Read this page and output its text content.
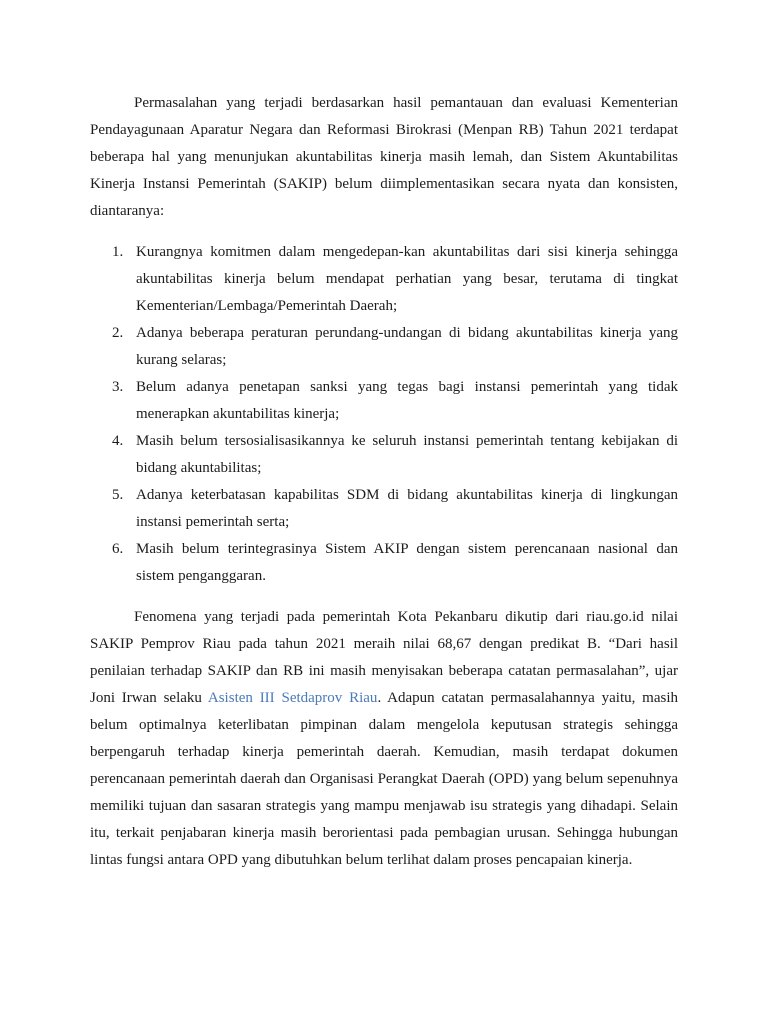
Permasalahan yang terjadi berdasarkan hasil pemantauan dan evaluasi Kementerian Pendayagunaan Aparatur Negara dan Reformasi Birokrasi (Menpan RB) Tahun 2021 terdapat beberapa hal yang menunjukan akuntabilitas kinerja masih lemah, dan Sistem Akuntabilitas Kinerja Instansi Pemerintah (SAKIP) belum diimplementasikan secara nyata dan konsisten, diantaranya:

1. Kurangnya komitmen dalam mengedepan-kan akuntabilitas dari sisi kinerja sehingga akuntabilitas kinerja belum mendapat perhatian yang besar, terutama di tingkat Kementerian/Lembaga/Pemerintah Daerah;
2. Adanya beberapa peraturan perundang-undangan di bidang akuntabilitas kinerja yang kurang selaras;
3. Belum adanya penetapan sanksi yang tegas bagi instansi pemerintah yang tidak menerapkan akuntabilitas kinerja;
4. Masih belum tersosialisasikannya ke seluruh instansi pemerintah tentang kebijakan di bidang akuntabilitas;
5. Adanya keterbatasan kapabilitas SDM di bidang akuntabilitas kinerja di lingkungan instansi pemerintah serta;
6. Masih belum terintegrasinya Sistem AKIP dengan sistem perencanaan nasional dan sistem penganggaran.

Fenomena yang terjadi pada pemerintah Kota Pekanbaru dikutip dari riau.go.id nilai SAKIP Pemprov Riau pada tahun 2021 meraih nilai 68,67 dengan predikat B. “Dari hasil penilaian terhadap SAKIP dan RB ini masih menyisakan beberapa catatan permasalahan”, ujar Joni Irwan selaku Asisten III Setdaprov Riau. Adapun catatan permasalahannya yaitu, masih belum optimalnya keterlibatan pimpinan dalam mengelola keputusan strategis sehingga berpengaruh terhadap kinerja pemerintah daerah. Kemudian, masih terdapat dokumen perencanaan pemerintah daerah dan Organisasi Perangkat Daerah (OPD) yang belum sepenuhnya memiliki tujuan dan sasaran strategis yang mampu menjawab isu strategis yang dihadapi. Selain itu, terkait penjabaran kinerja masih berorientasi pada pembagian urusan. Sehingga hubungan lintas fungsi antara OPD yang dibutuhkan belum terlihat dalam proses pencapaian kinerja.
